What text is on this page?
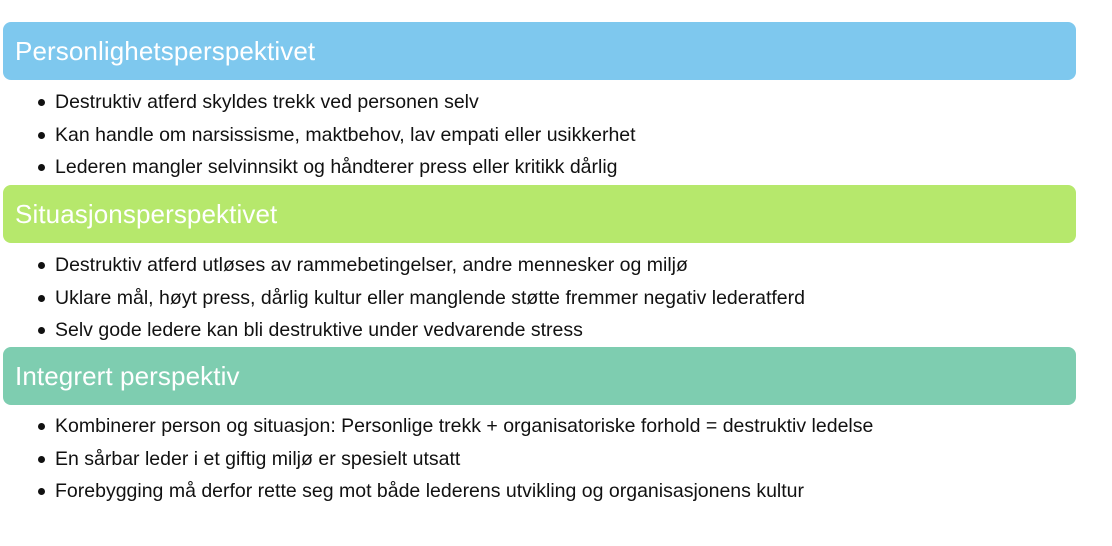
Personlighetsperspektivet
Destruktiv atferd skyldes trekk ved personen selv
Kan handle om narsissisme, maktbehov, lav empati eller usikkerhet
Lederen mangler selvinnsikt og håndterer press eller kritikk dårlig
Situasjonsperspektivet
Destruktiv atferd utløses av rammebetingelser, andre mennesker og miljø
Uklare mål, høyt press, dårlig kultur eller manglende støtte fremmer negativ lederatferd
Selv gode ledere kan bli destruktive under vedvarende stress
Integrert perspektiv
Kombinerer person og situasjon: Personlige trekk + organisatoriske forhold = destruktiv ledelse
En sårbar leder i et giftig miljø er spesielt utsatt
Forebygging må derfor rette seg mot både lederens utvikling og organisasjonens kultur
